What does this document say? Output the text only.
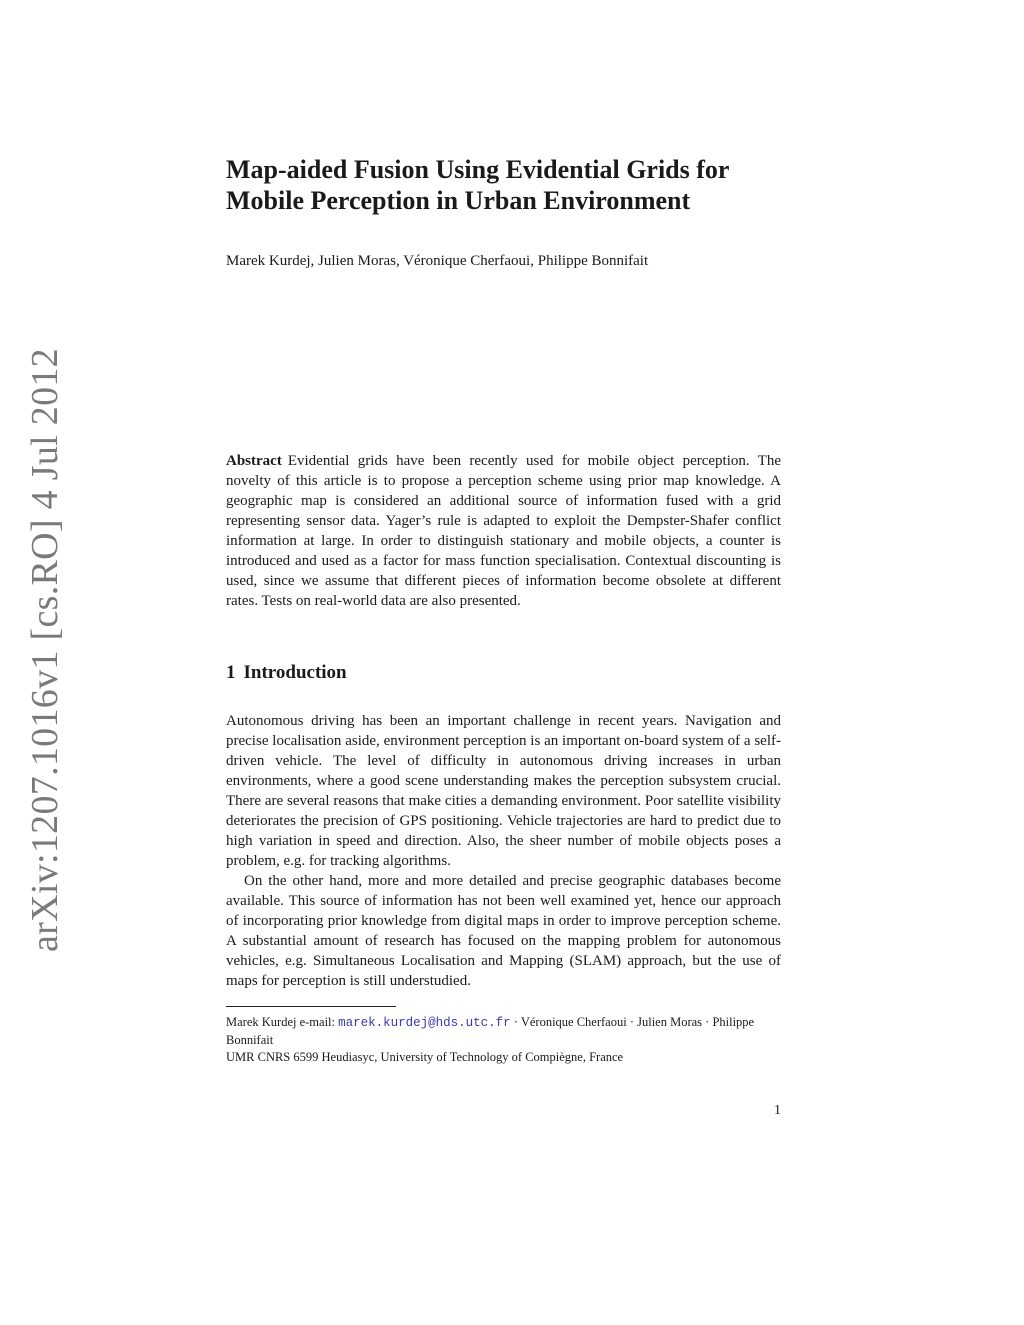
arXiv:1207.1016v1 [cs.RO] 4 Jul 2012
Map-aided Fusion Using Evidential Grids for
Mobile Perception in Urban Environment
Marek Kurdej, Julien Moras, Véronique Cherfaoui, Philippe Bonnifait

Abstract Evidential grids have been recently used for mobile object perception. The novelty of this article is to propose a perception scheme using prior map knowledge. A geographic map is considered an additional source of information fused with a grid representing sensor data. Yager’s rule is adapted to exploit the Dempster-Shafer conflict information at large. In order to distinguish stationary and mobile objects, a counter is introduced and used as a factor for mass function specialisation. Contextual discounting is used, since we assume that different pieces of information become obsolete at different rates. Tests on real-world data are also presented.

1 Introduction

Autonomous driving has been an important challenge in recent years. Navigation and precise localisation aside, environment perception is an important on-board system of a self-driven vehicle. The level of difficulty in autonomous driving increases in urban environments, where a good scene understanding makes the perception subsystem crucial. There are several reasons that make cities a demanding environment. Poor satellite visibility deteriorates the precision of GPS positioning. Vehicle trajectories are hard to predict due to high variation in speed and direction. Also, the sheer number of mobile objects poses a problem, e.g. for tracking algorithms.

On the other hand, more and more detailed and precise geographic databases become available. This source of information has not been well examined yet, hence our approach of incorporating prior knowledge from digital maps in order to improve perception scheme. A substantial amount of research has focused on the mapping problem for autonomous vehicles, e.g. Simultaneous Localisation and Mapping (SLAM) approach, but the use of maps for perception is still understudied.

Marek Kurdej e-mail: marek.kurdej@hds.utc.fr · Véronique Cherfaoui · Julien Moras · Philippe Bonnifait
UMR CNRS 6599 Heudiasyc, University of Technology of Compiègne, France
1
